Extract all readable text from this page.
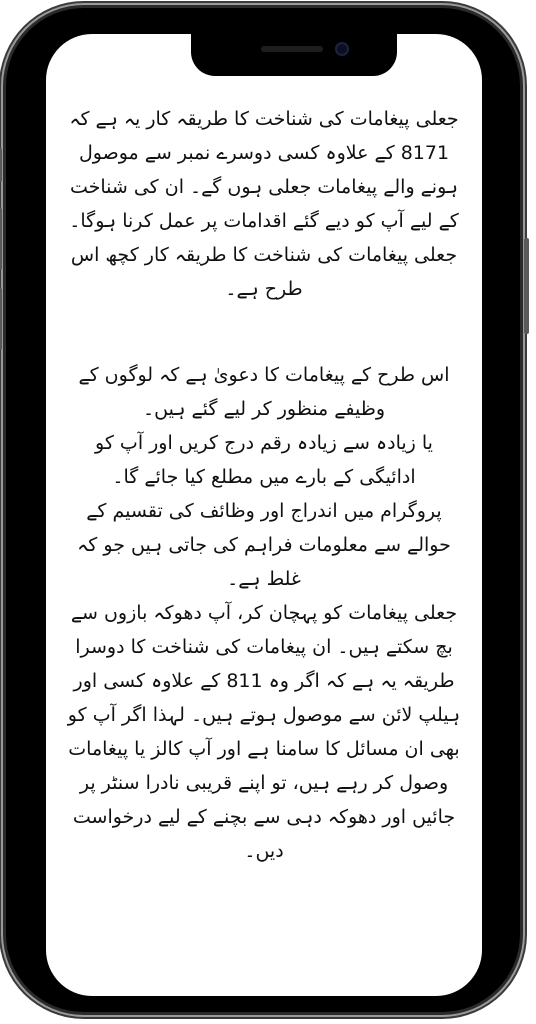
جعلی پیغامات کی شناخت کا طریقہ کار یہ ہے کہ 8171 کے علاوہ کسی دوسرے نمبر سے موصول ہونے والے پیغامات جعلی ہوں گے۔ ان کی شناخت کے لیے آپ کو دیے گئے اقدامات پر عمل کرنا ہوگا۔ جعلی پیغامات کی شناخت کا طریقہ کار کچھ اس طرح ہے۔

اس طرح کے پیغامات کا دعویٰ ہے کہ لوگوں کے وظیفے منظور کر لیے گئے ہیں۔

یا زیادہ سے زیادہ رقم درج کریں اور آپ کو ادائیگی کے بارے میں مطلع کیا جائے گا۔

پروگرام میں اندراج اور وظائف کی تقسیم کے حوالے سے معلومات فراہم کی جاتی ہیں جو کہ غلط ہے۔

جعلی پیغامات کو پہچان کر، آپ دھوکہ بازوں سے بچ سکتے ہیں۔ ان پیغامات کی شناخت کا دوسرا طریقہ یہ ہے کہ اگر وہ 811 کے علاوہ کسی اور ہیلپ لائن سے موصول ہوتے ہیں۔ لہذا اگر آپ کو بھی ان مسائل کا سامنا ہے اور آپ کالز یا پیغامات وصول کر رہے ہیں، تو اپنے قریبی نادرا سنٹر پر جائیں اور دھوکہ دہی سے بچنے کے لیے درخواست دیں۔
